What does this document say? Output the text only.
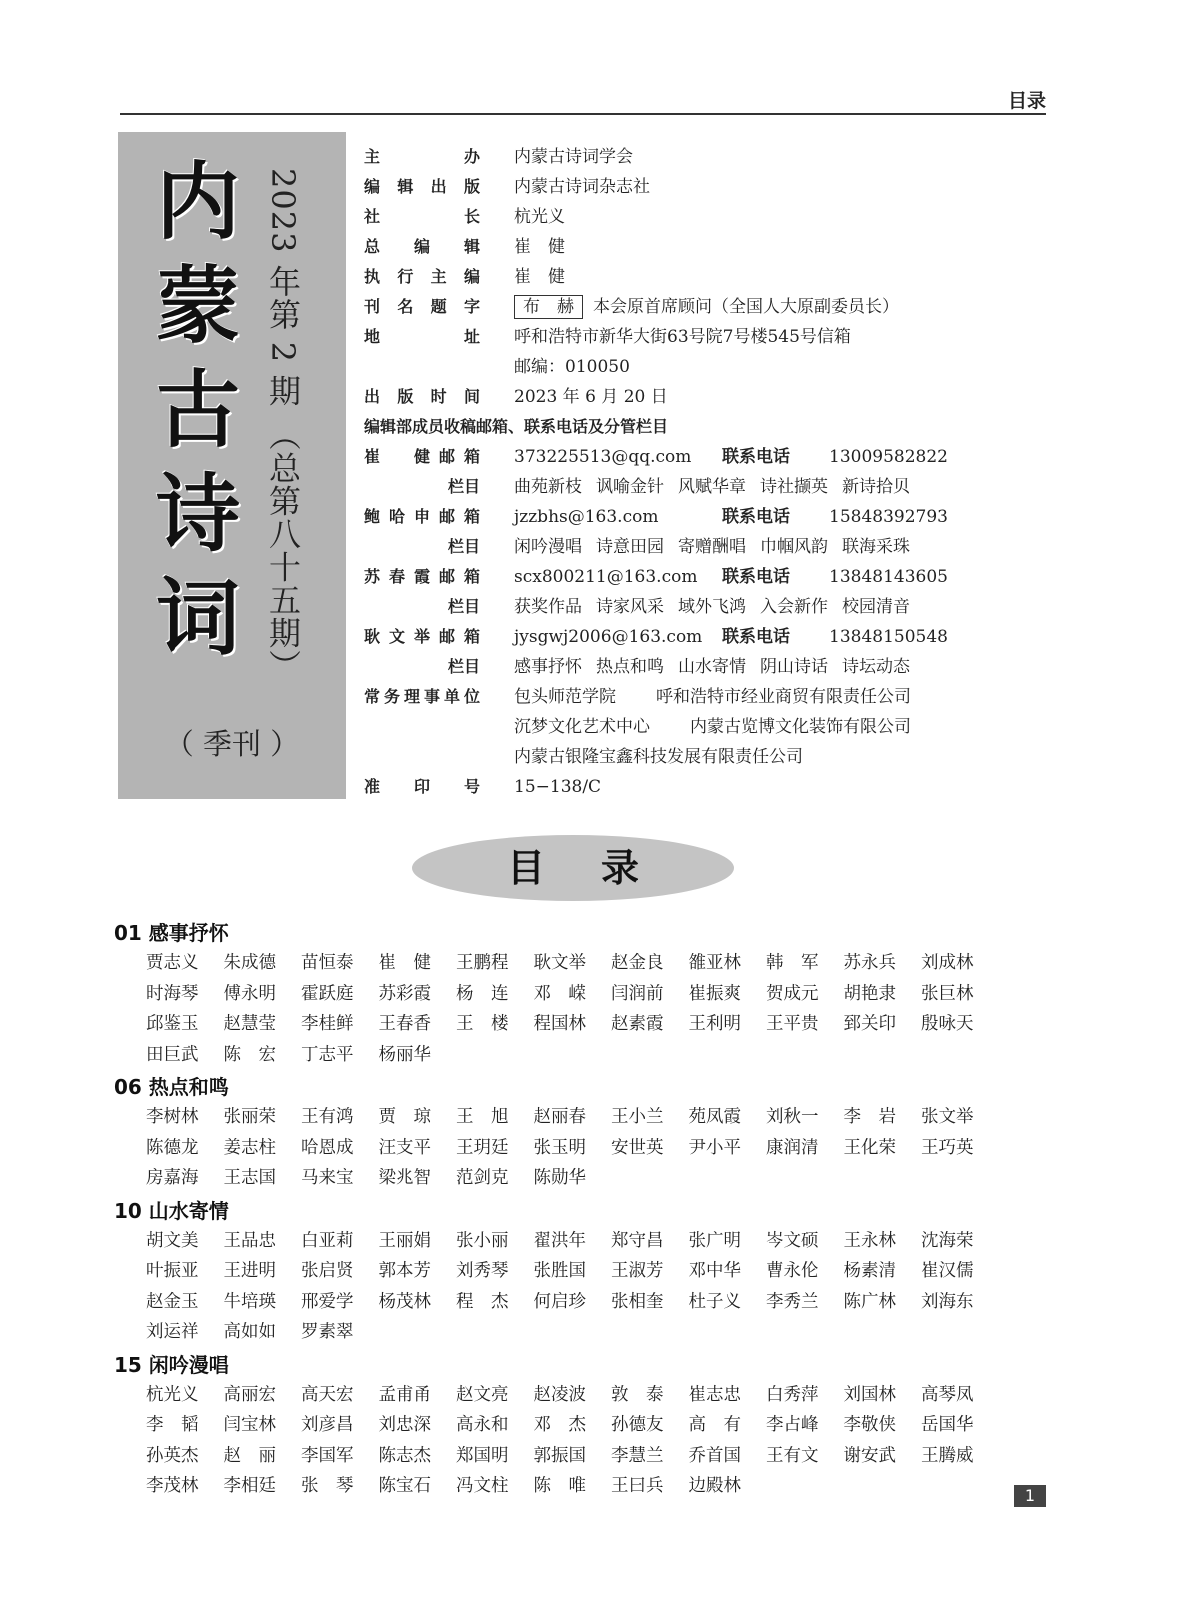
目录
内
蒙
古
诗
词 2023 年第 2 期 （总第八十五期）
（ 季刊 ）
主办 内蒙古诗词学会
编辑出版 内蒙古诗词杂志社
社长 杭光义
总编辑 崔　健
执行主编 崔　健
刊名题字	布　赫 本会原首席顾问（全国人大原副委员长）
地址 呼和浩特市新华大街63号院7号楼545号信箱
邮编：010050
出版时间 2023 年 6 月 20 日
编辑部成员收稿邮箱、联系电话及分管栏目
崔　健邮箱 373225513@qq.com 联系电话 13009582822
栏目 曲苑新枝 讽喻金针 风赋华章 诗社撷英 新诗拾贝
鲍哈申邮箱 jzzbhs@163.com	联系电话 15848392793
栏目 闲吟漫唱 诗意田园 寄赠酬唱 巾帼风韵 联海采珠
苏春霞邮箱 scx800211@163.com 联系电话 13848143605
栏目 获奖作品 诗家风采 域外飞鸿 入会新作 校园清音
耿文举邮箱 jysgwj2006@163.com 联系电话 13848150548
栏目 感事抒怀 热点和鸣 山水寄情 阴山诗话 诗坛动态
常务理事单位 包头师范学院 呼和浩特市经业商贸有限责任公司
沉梦文化艺术中心 内蒙古览博文化装饰有限公司
内蒙古银隆宝鑫科技发展有限责任公司
准印号 15−138/C
目录
01 感事抒怀
贾志义	朱成德	苗恒泰	崔　健	王鹏程	耿文举	赵金良	雒亚林	韩　军	苏永兵	刘成林
时海琴	傅永明	霍跃庭	苏彩霞	杨　连	邓　嵘	闫润前	崔振爽	贺成元	胡艳隶	张巨林
邱鉴玉	赵慧莹	李桂鲜	王春香	王　楼	程国林	赵素霞	王利明	王平贵	郅关印	殷咏天
田巨武	陈　宏	丁志平	杨丽华
06 热点和鸣
李树林	张丽荣	王有鸿	贾　琼	王　旭	赵丽春	王小兰	苑凤霞	刘秋一	李　岩	张文举
陈德龙	姜志柱	哈恩成	汪支平	王玥廷	张玉明	安世英	尹小平	康润清	王化荣	王巧英
房嘉海	王志国	马来宝	梁兆智	范剑克	陈勋华
10 山水寄情
胡文美	王品忠	白亚莉	王丽娟	张小丽	翟洪年	郑守昌	张广明	岑文硕	王永林	沈海荣
叶振亚	王进明	张启贤	郭本芳	刘秀琴	张胜国	王淑芳	邓中华	曹永伦	杨素清	崔汉儒
赵金玉	牛培瑛	邢爱学	杨茂林	程　杰	何启珍	张相奎	杜子义	李秀兰	陈广林	刘海东
刘运祥	高如如	罗素翠
15 闲吟漫唱
杭光义	高丽宏	高天宏	孟甫甬	赵文亮	赵凌波	敦　泰	崔志忠	白秀萍	刘国林	高琴凤
李　韬	闫宝林	刘彦昌	刘忠深	高永和	邓　杰	孙德友	高　有	李占峰	李敬侠	岳国华
孙英杰	赵　丽	李国军	陈志杰	郑国明	郭振国	李慧兰	乔首国	王有文	谢安武	王腾威
李茂林	李相廷	张　琴	陈宝石	冯文柱	陈　唯	王曰兵	边殿林	1
